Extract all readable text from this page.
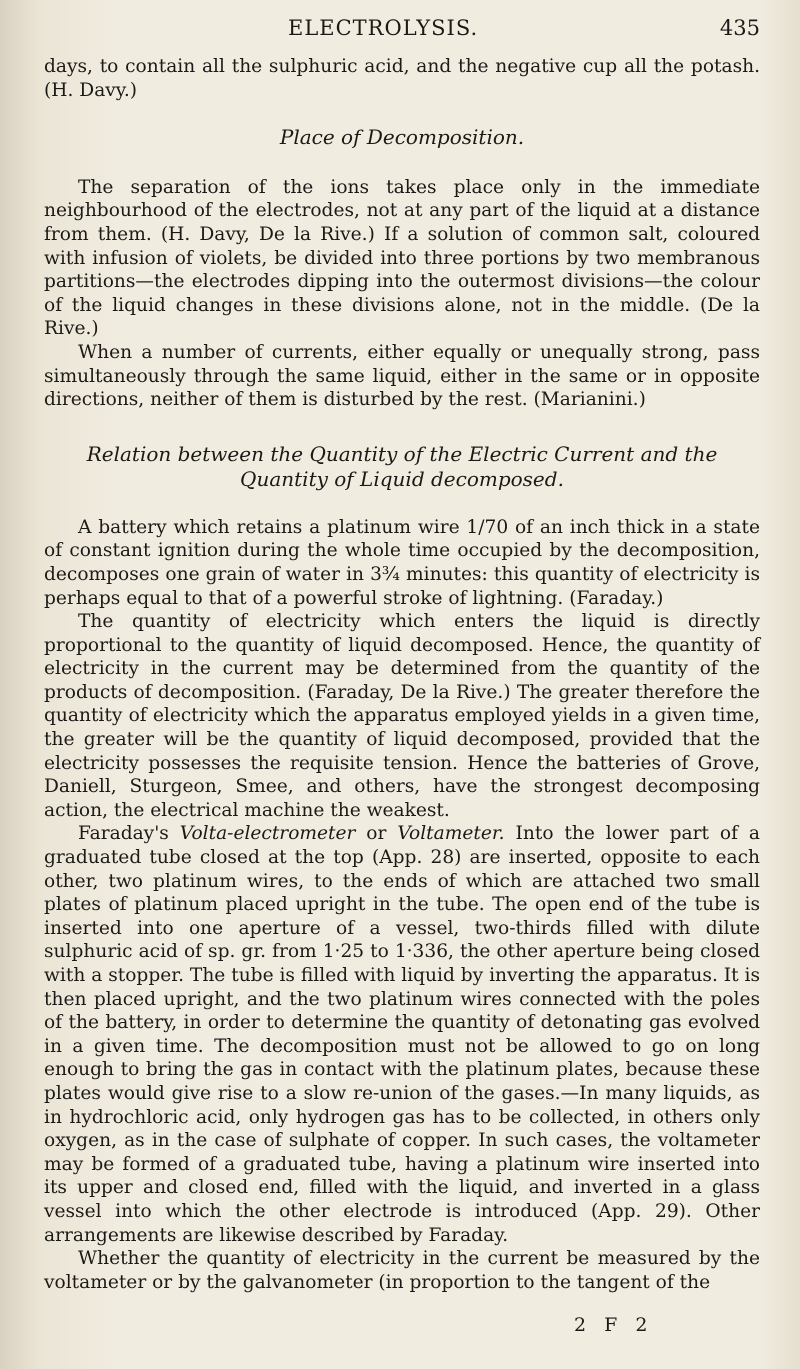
ELECTROLYSIS.	435

days, to contain all the sulphuric acid, and the negative cup all the potash. (H. Davy.)

Place of Decomposition.

The separation of the ions takes place only in the immediate neighbourhood of the electrodes, not at any part of the liquid at a distance from them. (H. Davy, De la Rive.) If a solution of common salt, coloured with infusion of violets, be divided into three portions by two membranous partitions—the electrodes dipping into the outermost divisions—the colour of the liquid changes in these divisions alone, not in the middle. (De la Rive.)

When a number of currents, either equally or unequally strong, pass simultaneously through the same liquid, either in the same or in opposite directions, neither of them is disturbed by the rest. (Marianini.)

Relation between the Quantity of the Electric Current and the Quantity of Liquid decomposed.

A battery which retains a platinum wire 1/70 of an inch thick in a state of constant ignition during the whole time occupied by the decomposition, decomposes one grain of water in 3¾ minutes: this quantity of electricity is perhaps equal to that of a powerful stroke of lightning. (Faraday.)

The quantity of electricity which enters the liquid is directly proportional to the quantity of liquid decomposed. Hence, the quantity of electricity in the current may be determined from the quantity of the products of decomposition. (Faraday, De la Rive.) The greater therefore the quantity of electricity which the apparatus employed yields in a given time, the greater will be the quantity of liquid decomposed, provided that the electricity possesses the requisite tension. Hence the batteries of Grove, Daniell, Sturgeon, Smee, and others, have the strongest decomposing action, the electrical machine the weakest.

Faraday's Volta-electrometer or Voltameter. Into the lower part of a graduated tube closed at the top (App. 28) are inserted, opposite to each other, two platinum wires, to the ends of which are attached two small plates of platinum placed upright in the tube. The open end of the tube is inserted into one aperture of a vessel, two-thirds filled with dilute sulphuric acid of sp. gr. from 1·25 to 1·336, the other aperture being closed with a stopper. The tube is filled with liquid by inverting the apparatus. It is then placed upright, and the two platinum wires connected with the poles of the battery, in order to determine the quantity of detonating gas evolved in a given time. The decomposition must not be allowed to go on long enough to bring the gas in contact with the platinum plates, because these plates would give rise to a slow re-union of the gases.—In many liquids, as in hydrochloric acid, only hydrogen gas has to be collected, in others only oxygen, as in the case of sulphate of copper. In such cases, the voltameter may be formed of a graduated tube, having a platinum wire inserted into its upper and closed end, filled with the liquid, and inverted in a glass vessel into which the other electrode is introduced (App. 29). Other arrangements are likewise described by Faraday.

Whether the quantity of electricity in the current be measured by the voltameter or by the galvanometer (in proportion to the tangent of the

2 F 2
